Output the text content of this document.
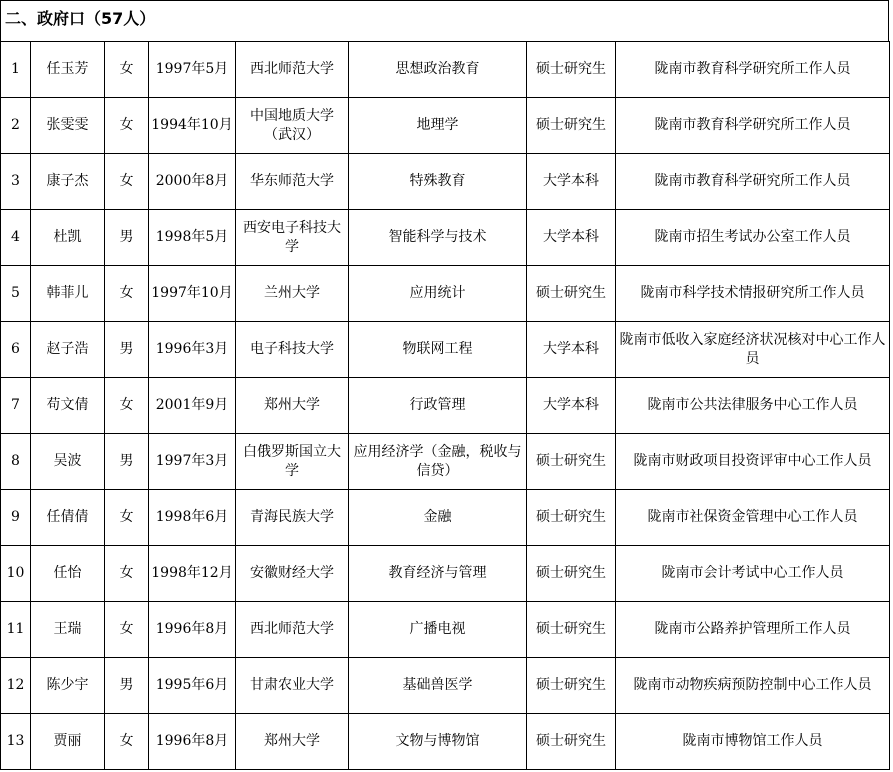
二、政府口（57人）
1	任玉芳	女	1997年5月	西北师范大学	思想政治教育	硕士研究生	陇南市教育科学研究所工作人员
2	张雯雯	女	1994年10月	中国地质大学（武汉）	地理学	硕士研究生	陇南市教育科学研究所工作人员
3	康子杰	女	2000年8月	华东师范大学	特殊教育	大学本科	陇南市教育科学研究所工作人员
4	杜凯	男	1998年5月	西安电子科技大学	智能科学与技术	大学本科	陇南市招生考试办公室工作人员
5	韩菲儿	女	1997年10月	兰州大学	应用统计	硕士研究生	陇南市科学技术情报研究所工作人员
6	赵子浩	男	1996年3月	电子科技大学	物联网工程	大学本科	陇南市低收入家庭经济状况核对中心工作人员
7	苟文倩	女	2001年9月	郑州大学	行政管理	大学本科	陇南市公共法律服务中心工作人员
8	吴波	男	1997年3月	白俄罗斯国立大学	应用经济学（金融，税收与信贷）	硕士研究生	陇南市财政项目投资评审中心工作人员
9	任倩倩	女	1998年6月	青海民族大学	金融	硕士研究生	陇南市社保资金管理中心工作人员
10	任怡	女	1998年12月	安徽财经大学	教育经济与管理	硕士研究生	陇南市会计考试中心工作人员
11	王瑞	女	1996年8月	西北师范大学	广播电视	硕士研究生	陇南市公路养护管理所工作人员
12	陈少宇	男	1995年6月	甘肃农业大学	基础兽医学	硕士研究生	陇南市动物疾病预防控制中心工作人员
13	贾丽	女	1996年8月	郑州大学	文物与博物馆	硕士研究生	陇南市博物馆工作人员
